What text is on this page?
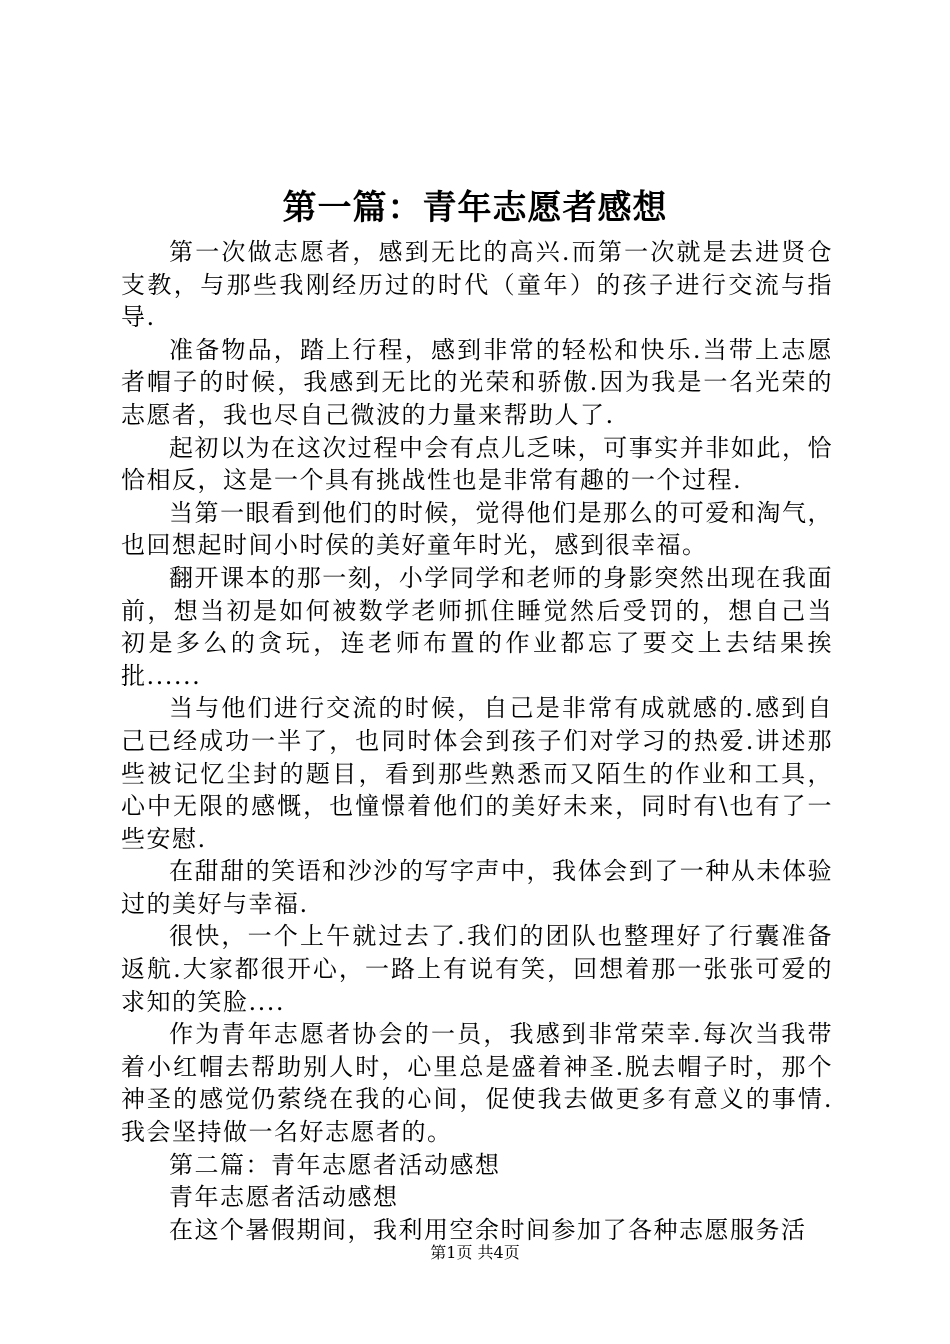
第一篇：青年志愿者感想

第一次做志愿者，感到无比的高兴.而第一次就是去进贤仓支教，与那些我刚经历过的时代（童年）的孩子进行交流与指导.

准备物品，踏上行程，感到非常的轻松和快乐.当带上志愿者帽子的时候，我感到无比的光荣和骄傲.因为我是一名光荣的志愿者，我也尽自己微波的力量来帮助人了.

起初以为在这次过程中会有点儿乏味，可事实并非如此，恰恰相反，这是一个具有挑战性也是非常有趣的一个过程.

当第一眼看到他们的时候，觉得他们是那么的可爱和淘气，也回想起时间小时侯的美好童年时光，感到很幸福。

翻开课本的那一刻，小学同学和老师的身影突然出现在我面前，想当初是如何被数学老师抓住睡觉然后受罚的，想自己当初是多么的贪玩，连老师布置的作业都忘了要交上去结果挨批......

当与他们进行交流的时候，自己是非常有成就感的.感到自己已经成功一半了，也同时体会到孩子们对学习的热爱.讲述那些被记忆尘封的题目，看到那些熟悉而又陌生的作业和工具，心中无限的感慨，也憧憬着他们的美好未来，同时有\也有了一些安慰.

在甜甜的笑语和沙沙的写字声中，我体会到了一种从未体验过的美好与幸福.

很快，一个上午就过去了.我们的团队也整理好了行囊准备返航.大家都很开心，一路上有说有笑，回想着那一张张可爱的求知的笑脸....

作为青年志愿者协会的一员，我感到非常荣幸.每次当我带着小红帽去帮助别人时，心里总是盛着神圣.脱去帽子时，那个神圣的感觉仍萦绕在我的心间，促使我去做更多有意义的事情.我会坚持做一名好志愿者的。

第二篇：青年志愿者活动感想

青年志愿者活动感想

在这个暑假期间，我利用空余时间参加了各种志愿服务活

第1页 共4页
